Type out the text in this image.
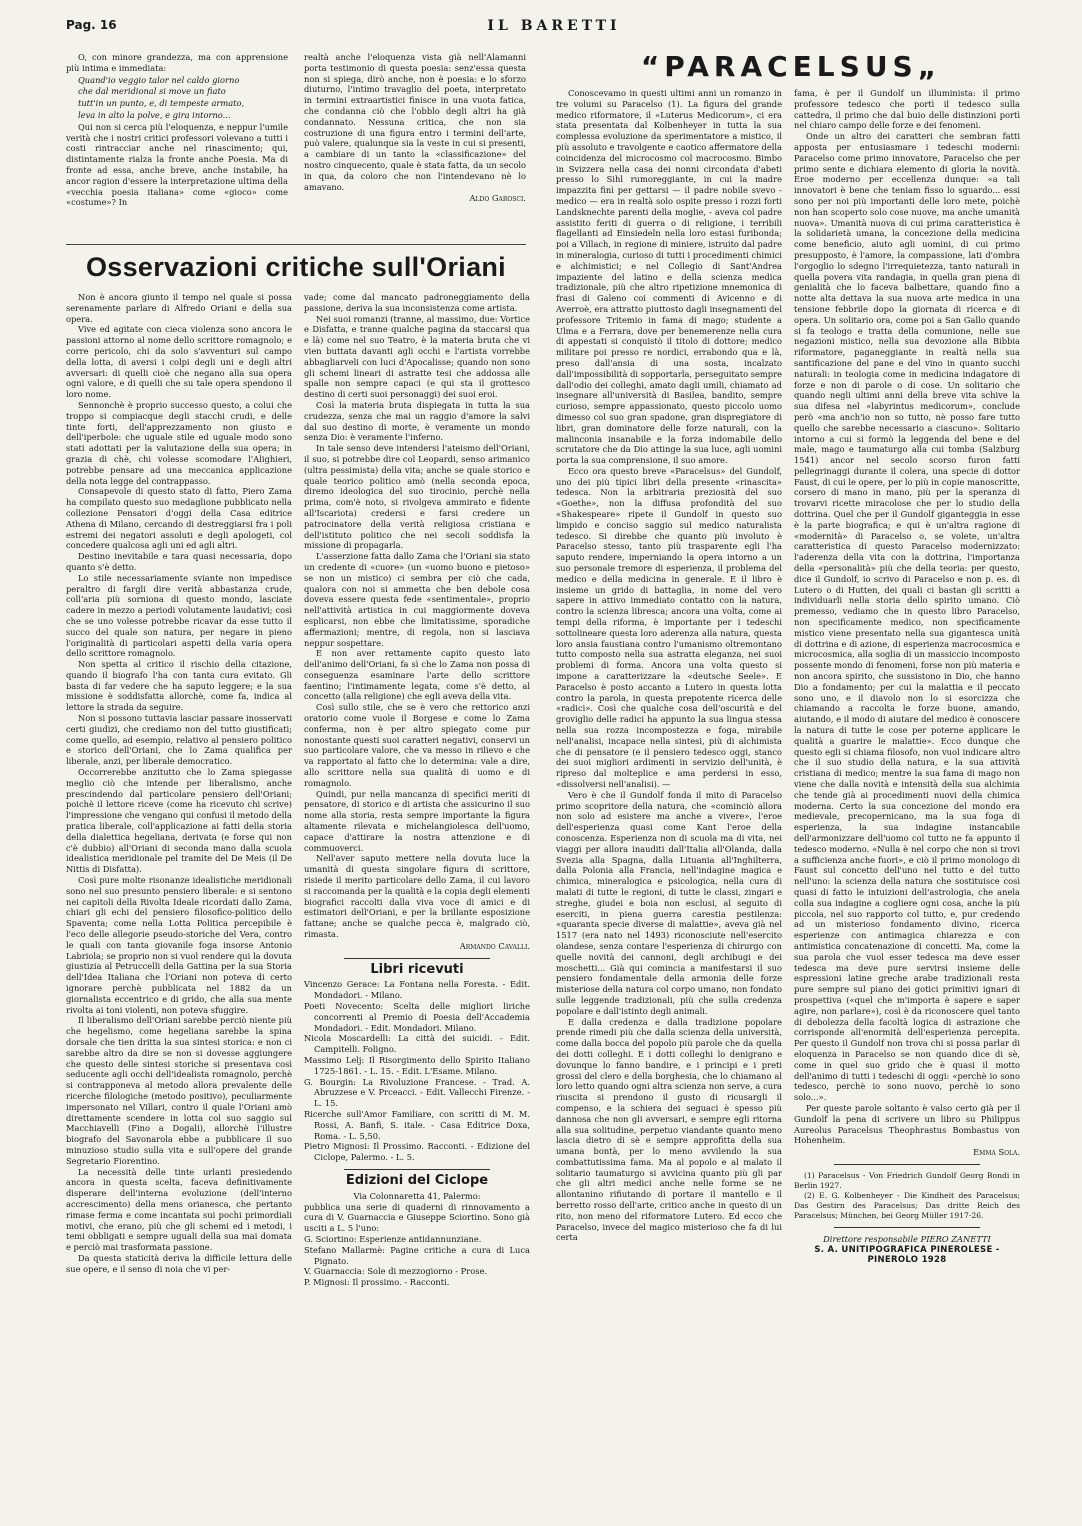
Pag. 16	IL BARETTI

O, con minore grandezza, ma con apprensione più intima e immediata:

Quand'io veggio talor nel caldo giorno

che dal meridional si move un fiato

tutt'in un punto, e, di tempeste armato,

leva in alto la polve, e gira intorno...

Qui non si cerca più l'eloquenza, e neppur l'umile verità che i nostri critici professori volevano a tutti i costi rintracciar anche nel rinascimento; qui, distintamente rialza la fronte anche Poesia. Ma di fronte ad essa, anche breve, anche instabile, ha ancor ragion d'essere la interpretazione ultima della «vecchia poesia italiana» come «gioco» come «costume»? In

realtà anche l'eloquenza vista già nell'Alamanni porta testimonio di questa poesia: senz'essa questa non si spiega, dirò anche, non è poesia: e lo sforzo diuturno, l'intimo travaglio del poeta, interpretato in termini extraartistici finisce in una vuota fatica, che condanna ciò che l'obblo degli altri ha già condannato. Nessuna critica, che non sia costruzione di una figura entro i termini dell'arte, può valere, qualunque sia la veste in cui si presenti, a cambiare di un tanto la «classificazione» del nostro cinquecento, quale è stata fatta, da un secolo in qua, da coloro che non l'intendevano nè lo amavano.

Aldo Garosci.

Osservazioni critiche sull'Oriani

Non è ancora giunto il tempo nel quale si possa serenamente parlare di Alfredo Oriani e della sua opera.

Vive ed agitate con cieca violenza sono ancora le passioni attorno al nome dello scrittore romagnolo; e corre pericolo, chi da solo s'avventuri sul campo della lotta, di aversi i colpi degli uni e degli altri avversari: di quelli cioè che negano alla sua opera ogni valore, e di quelli che su tale opera spendono il loro nome.

Sennonchè è proprio successo questo, a colui che troppo si compiacque degli stacchi crudi, e delle tinte forti, dell'apprezzamento non giusto e dell'iperbole: che uguale stile ed uguale modo sono stati adottati per la valutazione della sua opera; in grazia di chè, chi volesse scomodare l'Alighieri, potrebbe pensare ad una meccanica applicazione della nota legge del contrappasso.

Consapevole di questo stato di fatto, Piero Zama ha compilato questo suo medaglione pubblicato nella collezione Pensatori d'oggi della Casa editrice Athena di Milano, cercando di destreggiarsi fra i poli estremi dei negatori assoluti e degli apologeti, col concedere qualcosa agli uni ed agli altri.

Destino inevitabile e tara quasi necessaria, dopo quanto s'è detto.

Lo stile necessariamente sviante non impedisce peraltro di fargli dire verità abbastanza crude, coll'aria più sorniona di questo mondo, lasciate cadere in mezzo a periodi volutamente laudativi; così che se uno volesse potrebbe ricavar da esse tutto il succo del quale son natura, per negare in pieno l'originalità di particolari aspetti della varia opera dello scrittore romagnolo.

Non spetta al critico il rischio della citazione, quando il biografo l'ha con tanta cura evitato. Gli basta di far vedere che ha saputo leggere; e la sua missione è soddisfatta allorchè, come fa, indica al lettore la strada da seguire.

Non si possono tuttavia lasciar passare inosservati certi giudizi, che crediamo non del tutto giustificati; come quello, ad esempio, relativo al pensiero politico e storico dell'Oriani, che lo Zama qualifica per liberale, anzi, per liberale democratico.

Occorrerebbe anzitutto che lo Zama spiegasse meglio ciò che intende per liberalismo, anche prescindendo dal particolare pensiero dell'Oriani; poichè il lettore riceve (come ha ricevuto chi scrive) l'impressione che vengano qui confusi il metodo della pratica liberale, coll'applicazione ai fatti della storia della dialettica hegeliana, derivata (e forse qui non c'è dubbio) all'Oriani di seconda mano dalla scuola idealistica meridionale pel tramite del De Meis (il De Nittis di Disfatta).

Così pure molte risonanze idealistiche meridionali sono nel suo presunto pensiero liberale: e si sentono nei capitoli della Rivolta Ideale ricordati dallo Zama, chiari gli echi del pensiero filosofico-politico dello Spaventa; come nella Lotta Politica percepibile è l'eco delle allegorie pseudo-storiche del Vera, contro le quali con tanta giovanile foga insorse Antonio Labriola; se proprio non si vuol rendere qui la dovuta giustizia al Petruccelli della Gattina per la sua Storia dell'Idea Italiana che l'Oriani non poteva di certo ignorare perchè pubblicata nel 1882 da un giornalista eccentrico e di grido, che alla sua mente rivolta ai toni violenti, non poteva sfuggire.

Il liberalismo dell'Oriani sarebbe perciò niente più che hegelismo, come hegeliana sarebbe la spina dorsale che tien dritta la sua sintesi storica: e non ci sarebbe altro da dire se non si dovesse aggiungere che questo delle sintesi storiche si presentava così seducente agli occhi dell'idealista romagnolo, perchè si contrapponeva al metodo allora prevalente delle ricerche filologiche (metodo positivo), peculiarmente impersonato nel Villari, contro il quale l'Oriani amò direttamente scendere in lotta col suo saggio sul Macchiavelli (Fino a Dogali), allorchè l'illustre biografo del Savonarola ebbe a pubblicare il suo minuzioso studio sulla vita e sull'opere del grande Segretario Fiorentino.

La necessità delle tinte urlanti presiedendo ancora in questa scelta, faceva definitivamente disperare dell'interna evoluzione (dell'interno accrescimento) della mens orianesca, che pertanto rimase ferma e come incantata sui pochi primordiali motivi, che erano, più che gli schemi ed i metodi, i temi obbligati e sempre uguali della sua mai domata e perciò mai trasformata passione.

Da questa staticità deriva la difficile lettura delle sue opere, e il senso di noia che vi per-

vade; come dal mancato padroneggiamento della passione, deriva la sua inconsistenza come artista.

Nei suoi romanzi (tranne, al massimo, due: Vortice e Disfatta, e tranne qualche pagina da staccarsi qua e là) come nel suo Teatro, è la materia bruta che vi vien buttata davanti agli occhi e l'artista vorrebbe abbagliarveli con luci d'Apocalisse; quando non sono gli schemi lineari di astratte tesi che addossa alle spalle non sempre capaci (e qui sta il grottesco destino di certi suoi personaggi) dei suoi eroi.

Così la materia bruta dispiegata in tutta la sua crudezza, senza che mai un raggio d'amore la salvi dal suo destino di morte, è veramente un mondo senza Dio: è veramente l'inferno.

In tale senso deve intendersi l'ateismo dell'Oriani, il suo, si potrebbe dire col Leopardi, senso arimanico (ultra pessimista) della vita; anche se quale storico e quale teorico politico amò (nella seconda epoca, diremo ideologica del suo tirocinio, perchè nella prima, com'è noto, si rivolgeva ammirato e fidente all'Iscariota) credersi e farsi credere un patrocinatore della verità religiosa cristiana e dell'istituto politico che nei secoli soddisfa la missione di propagarla.

L'asserzione fatta dallo Zama che l'Oriani sia stato un credente di «cuore» (un «uomo buono e pietoso» se non un mistico) ci sembra per ciò che cada, qualora con noi si ammetta che ben debole cosa doveva essere questa fede «sentimentale», proprio nell'attività artistica in cui maggiormente doveva esplicarsi, non ebbe che limitatissime, sporadiche affermazioni; mentre, di regola, non si lasciava neppur sospettare.

E non aver rettamente capito questo lato dell'animo dell'Oriani, fa sì che lo Zama non possa di conseguenza esaminare l'arte dello scrittore faentino; l'intimamente legata, come s'è detto, al concetto (alla religione) che egli aveva della vita.

Così sullo stile, che se è vero che rettorico anzi oratorio come vuole il Borgese e come lo Zama conferma, non è per altro spiegato come pur nonostante questi suoi caratteri negativi, conservi un suo particolare valore, che va messo in rilievo e che va rapportato al fatto che lo determina: vale a dire, allo scrittore nella sua qualità di uomo e di romagnolo.

Quindi, pur nella mancanza di specifici meriti di pensatore, di storico e di artista che assicurino il suo nome alla storia, resta sempre importante la figura altamente rilevata e michelangiolesca dell'uomo, capace d'attirare la nostra attenzione e di commuoverci.

Nell'aver saputo mettere nella dovuta luce la umanità di questa singolare figura di scrittore, risiede il merito particolare dello Zama, il cui lavoro si raccomanda per la qualità e la copia degli elementi biografici raccolti dalla viva voce di amici e di estimatori dell'Oriani, e per la brillante esposizione fattane; anche se qualche pecca è, malgrado ciò, rimasta.

Armando Cavalli.

Libri ricevuti

Vincenzo Gerace: La Fontana nella Foresta. - Edit. Mondadori. - Milano.

Poeti Novecento: Scelta delle migliori liriche concorrenti al Premio di Poesia dell'Accademia Mondadori. - Edit. Mondadori. Milano.

Nicola Moscardelli: La città dei suicidi. - Edit. Campitelli. Foligno.

Massimo Lelj: Il Risorgimento dello Spirito Italiano 1725-1861. - L. 15. - Edit. L'Esame. Milano.

G. Bourgin: La Rivoluzione Francese. - Trad. A. Abruzzese e V. Prceacci. - Edit. Vallecchi Firenze. - L. 15.

Ricerche sull'Amor Familiare, con scritti di M. M. Rossi, A. Banfi, S. itale. - Casa Editrice Doxa, Roma. - L. 5,50.

Pietro Mignosi: Il Prossimo. Racconti. - Edizione del Ciclope, Palermo. - L. 5.

Edizioni del Ciclope

Via Colonnaretta 41, Palermo:

pubblica una serie di quaderni di rinnovamento a cura di V. Guarnaccia e Giuseppe Sciortino. Sono già usciti a L. 5 l'uno:

G. Sciortino: Esperienze antidannunziane.

Stefano Mallarmè: Pagine critiche a cura di Luca Pignato.

V. Guarnaccia: Sole di mezzogiorno - Prose.

P. Mignosi: Il prossimo. - Racconti.

“PARACELSUS„

Conoscevamo in questi ultimi anni un romanzo in tre volumi su Paracelso (1). La figura del grande medico riformatore, il «Luterus Medicorum», ci era stata presentata dal Kolbenheyer in tutta la sua complessa evoluzione da sperimentatore a mistico, il più assoluto e travolgente e caotico affermatore della coincidenza del microcosmo col macrocosmo. Bimbo in Svizzera nella casa dei nonni circondata d'abeti presso lo Sihl rumoreggiante, in cui la madre impazzita finì per gettarsi — il padre nobile svevo - medico — era in realtà solo ospite presso i rozzi forti Landsknechte parenti della moglie, - aveva col padre assistito feriti di guerra o di religione, i terribili flagellanti ad Einsiedeln nella loro estasi furibonda; poi a Villach, in regione di miniere, istruito dal padre in mineralogia, curioso di tutti i procedimenti chimici e alchimistici; e nel Collegio di Sant'Andrea impaziente del latino e della scienza medica tradizionale, più che altro ripetizione mnemonica di frasi di Galeno coi commenti di Avicenno e di Averroè, era attratto piuttosto dagli insegnamenti del professore Tritemio in fama di mago; studente a Ulma e a Ferrara, dove per benemerenze nella cura di appestati si conquistò il titolo di dottore; medico militare poi presso re nordici, errabondo qua e là, preso dall'ansia di una sosta, incalzato dall'impossibilità di sopportarla, perseguitato sempre dall'odio dei colleghi, amato dagli umili, chiamato ad insegnare all'università di Basilea, bandito, sempre curioso, sempre appassionato, questo piccolo uomo dimesso col suo gran spadone, gran dispregiatore di libri, gran dominatore delle forze naturali, con la malinconia insanabile e la forza indomabile dello scrutatore che da Dio attinge la sua luce, agli uomini porta la sua comprensione, il suo amore.

Ecco ora questo breve «Paracelsus» del Gundolf, uno dei più tipici libri della presente «rinascita» tedesca. Non la arbitraria preziosità del suo «Goethe», non la diffusa profondità del suo «Shakespeare» ripete il Gundolf in questo suo limpido e conciso saggio sul medico naturalista tedesco. Si direbbe che quanto più involuto è Paracelso stesso, tanto più trasparente egli l'ha saputo rendere, imperniando la opera intorno a un suo personale tremore di esperienza, il problema del medico e della medicina in generale. E il libro è insieme un grido di battaglia, in nome del vero sapere in attivo immediato contatto con la natura, contro la scienza libresca; ancora una volta, come ai tempi della riforma, è importante per i tedeschi sottolineare questa loro aderenza alla natura, questa loro ansia faustiana contro l'umanismo oltremontano tutto composto nella sua astratta eleganza, nei suoi problemi di forma. Ancora una volta questo si impone a caratterizzare la «deutsche Seele». E Paracelso è posto accanto a Lutero in questa lotta contro la parola, in questa prepotente ricerca delle «radici». Così che qualche cosa dell'oscurità e del groviglio delle radici ha appunto la sua lingua stessa nella sua rozza incompostezza e foga, mirabile nell'analisi, incapace nella sintesi, più di alchimista che di pensatore (e il pensiero tedesco oggi, stanco dei suoi migliori ardimenti in servizio dell'unità, è ripreso dal molteplice e ama perdersi in esso, «dissolversi nell'analisi). —

Vero è che il Gundolf fonda il mito di Paracelso primo scopritore della natura, che «cominciò allora non solo ad esistere ma anche a vivere», l'eroe dell'esperienza quasi come Kant l'eroe della conoscenza. Esperienza non di scuola ma di vita, nei viaggi per allora inauditi dall'Italia all'Olanda, dalla Svezia alla Spagna, dalla Lituania all'Inghilterra, dalla Polonia alla Francia, nell'indagine magica e chimica, mineralogica e psicologica, nella cura di malati di tutte le regioni, di tutte le classi, zingari e streghe, giudei e boia non esclusi, al seguito di eserciti, in piena guerra carestia pestilenza: «quaranta specie diverse di malattie», aveva già nel 1517 (era nato nel 1493) riconosciute nell'esercito olandese, senza contare l'esperienza di chirurgo con quelle novità dei cannoni, degli archibugi e dei moschetti... Già qui comincia a manifestarsi il suo pensiero fondamentale della armonia delle forze misteriose della natura col corpo umano, non fondato sulle leggende tradizionali, più che sulla credenza popolare e dall'istinto degli animali.

E dalla credenza e dalla tradizione popolare prende rimedi più che dalla scienza della università, come dalla bocca del popolo più parole che da quella dei dotti colleghi. E i dotti colleghi lo denigrano e dovunque lo fanno bandire, e i principi e i preti grossi del clero e della borghesia, che lo chiamano al loro letto quando ogni altra scienza non serve, a cura riuscita si prendono il gusto di ricusargli il compenso, e la schiera dei seguaci è spesso più dannosa che non gli avversari, e sempre egli ritorna alla sua solitudine, perpetuo viandante quanto meno lascia dietro di sè e sempre approfitta della sua umana bontà, per lo meno avvilendo la sua combattutissima fama. Ma al popolo e al malato il solitario taumaturgo si avvicina quanto più gli par che gli altri medici anche nelle forme se ne allontanino rifiutando di portare il mantello e il berretto rosso dell'arte, critico anche in questo di un rito, non meno del riformatore Lutero. Ed ecco che Paracelso, invece del magico misterioso che fa di lui certa

fama, è per il Gundolf un illuminista: il primo professore tedesco che portì il tedesco sulla cattedra, il primo che dal buio delle distinzioni portì nel chiaro campo delle forze e dei fenomeni.

Onde un altro dei caratteri che sembran fatti apposta per entusiasmare i tedeschi moderni: Paracelso come primo innovatore, Paracelso che per primo sente e dichiara elemento di gloria la novità. Eroe moderno per eccellenza dunque: «a tali innovatori è bene che teniam fisso lo sguardo... essi sono per noi più importanti delle loro mete, poichè non han scoperto solo cose nuove, ma anche umanità nuova». Umanità nuova di cui prima caratteristica è la solidarietà umana, la concezione della medicina come beneficio, aiuto agli uomini, di cui primo presupposto, è l'amore, la compassione, lati d'ombra l'orgoglio lo sdegno l'irrequietezza, tanto naturali in quella povera vita randagia, in quella gran piena di genialità che lo faceva balbettare, quando fino a notte alta dettava la sua nuova arte medica in una tensione febbrile dopo la giornata di ricerca e di opera. Un solitario ora, come poi a San Gallo quando si fa teologo e tratta della comunione, nelle sue negazioni mistico, nella sua devozione alla Bibbia riformatore, paganeggiante in realtà nella sua santificazione del pane e del vino in quanto succhi naturali: in teologia come in medicina indagatore di forze e non di parole o di cose. Un solitario che quando negli ultimi anni della breve vita schive la sua difesa nel «labyrintus medicorum», conclude però «ma anch'io non so tutto, nè posso fare tutto quello che sarebbe necessario a ciascuno». Solitario intorno a cui si formò la leggenda del bene e del male, mago e taumaturgo alla cui tomba (Salzburg 1541) ancor nel secolo scorso furon fatti pellegrinaggi durante il colera, una specie di dottor Faust, di cui le opere, per lo più in copie manoscritte, corsero di mano in mano, più per la speranza di trovarvi ricette miracolose che per lo studio della dottrina. Quel che per il Gundolf giganteggia in esse è la parte biografica; e qui è un'altra ragione di «modernità» di Paracelso o, se volete, un'altra caratteristica di questo Paracelso modernizzato: l'aderenza della vita con la dottrina, l'importanza della «personalità» più che della teoria: per questo, dice il Gundolf, io scrivo di Paracelso e non p. es. di Lutero o di Hutten, dei quali ci bastan gli scritti a individuarli nella storia dello spirito umano. Ciò premesso, vediamo che in questo libro Paracelso, non specificamente medico, non specificamente mistico viene presentato nella sua gigantesca unità di dottrina e di azione, di esperienza macrocosmica e microcosmica, alla soglia di un massiccio incomposto possente mondo di fenomeni, forse non più materia e non ancora spirito, che sussistono in Dio, che hanno Dio a fondamento; per cui la malattia e il peccato sono uno, e il diavolo non lo si esorcizza che chiamando a raccolta le forze buone, amando, aiutando, e il modo di aiutare del medico è conoscere la natura di tutte le cose per poterne applicare le qualità a guarire le malattie». Ecco dunque che questo egli si chiama filosofo, non vuol indicare altro che il suo studio della natura, e la sua attività cristiana di medico; mentre la sua fama di mago non viene che dalla novità e intensità della sua alchimia che tende già ai procedimenti nuovi della chimica moderna. Certo la sua concezione del mondo era medievale, precopernicano, ma la sua foga di esperienza, la sua indagine instancabile dell'armonizzare dell'uomo col tutto ne fa appunto il tedesco moderno. «Nulla è nel corpo che non si trovi a sufficienza anche fuori», e ciò il primo monologo di Faust sul concetto dell'uno nel tutto e del tutto nell'uno: la scienza della natura che sostituisce così quasi di fatto le intuizioni dell'astrologia, che anela colla sua indagine a cogliere ogni cosa, anche la più piccola, nel suo rapporto col tutto, e, pur credendo ad un misterioso fondamento divino, ricerca esperienze con antimagica chiarezza e con antimistica concatenazione di concetti. Ma, come la sua parola che vuol esser tedesca ma deve esser tedesca ma deve pure servirsi insieme delle espressioni latine greche arabe tradizionali resta pure sempre sul piano dei gotici primitivi ignari di prospettiva («quel che m'importa è sapere e saper agire, non parlare»), così è da riconoscere quel tanto di debolezza della facoltà logica di astrazione che corrisponde all'enormità dell'esperienza percepita. Per questo il Gundolf non trova chi si possa parlar di eloquenza in Paracelso se non quando dice di sè, come in quel suo grido che è quasi il motto dell'animo di tutti i tedeschi di oggi: «perchè io sono tedesco, perchè io sono nuovo, perchè io sono solo...».

Per queste parole soltanto è valso certo già per il Gundolf la pena di scrivere un libro su Philippus Aureolus Paracelsus Theophrastus Bombastus von Hohenheim.

Emma Sola.

(1) Paracelsus - Von Friedrich Gundolf Georg Bondi in Berlin 1927.

(2) E. G. Kolbenheyer - Die Kindheit des Paracelsus; Das Gestirn des Paracelsus; Das dritte Reich des Paracelsus; München, bei Georg Müller 1917-26.

Direttore responsabile PIERO ZANETTI

S. A. UNITIPOGRAFICA PINEROLESE - PINEROLO 1928
